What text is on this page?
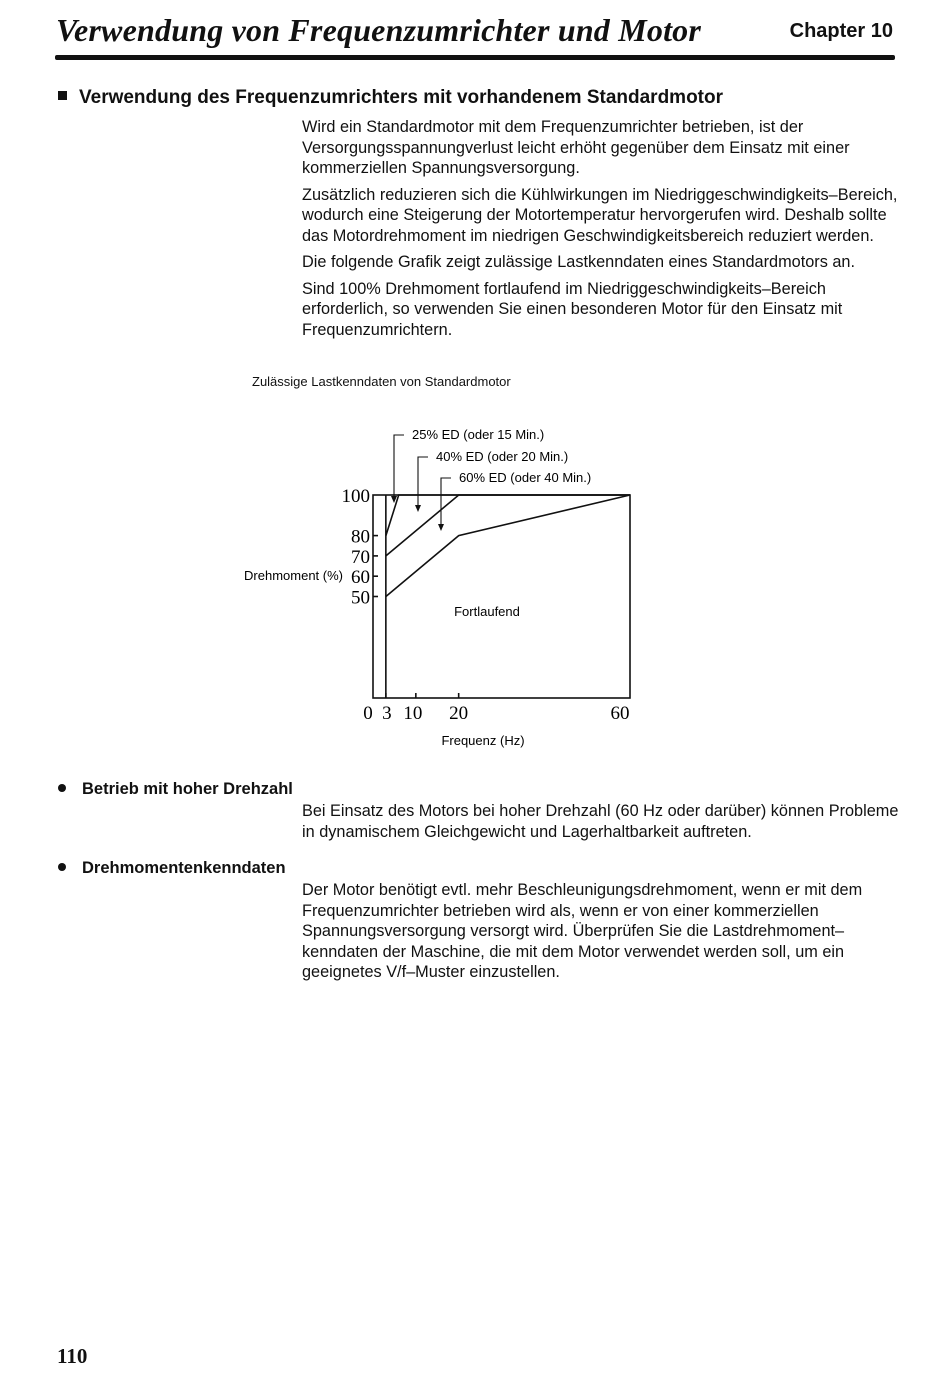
Verwendung von Frequenzumrichter und Motor	Chapter 10
Verwendung des Frequenzumrichters mit vorhandenem Standardmotor

Wird ein Standardmotor mit dem Frequenzumrichter betrieben, ist der Versorgungsspannungverlust leicht erhöht gegenüber dem Einsatz mit einer kommerziellen Spannungsversorgung.

Zusätzlich reduzieren sich die Kühlwirkungen im Niedriggeschwindigkeits–Bereich, wodurch eine Steigerung der Motortemperatur hervorgerufen wird. Deshalb sollte das Motordrehmoment im niedrigen Geschwindigkeitsbereich reduziert werden.

Die folgende Grafik zeigt zulässige Lastkenndaten eines Standardmotors an.

Sind 100% Drehmoment fortlaufend im Niedriggeschwindigkeits–Bereich erforderlich, so verwenden Sie einen besonderen Motor für den Einsatz mit Frequenzumrichtern.

Zulässige Lastkenndaten von Standardmotor
100
80
70
60
50
0 3 10 20	60
Drehmoment (%)
Frequenz (Hz)
Fortlaufend
25% ED (oder 15 Min.)
40% ED (oder 20 Min.)
60% ED (oder 40 Min.)
Betrieb mit hoher Drehzahl

Bei Einsatz des Motors bei hoher Drehzahl (60 Hz oder darüber) können Probleme in dynamischem Gleichgewicht und Lagerhaltbarkeit auftreten.

Drehmomentenkenndaten

Der Motor benötigt evtl. mehr Beschleunigungsdrehmoment, wenn er mit dem Frequenzumrichter betrieben wird als, wenn er von einer kommerziellen Spannungsversorgung versorgt wird. Überprüfen Sie die Lastdrehmoment–kenndaten der Maschine, die mit dem Motor verwendet werden soll, um ein geeignetes V/f–Muster einzustellen.

110
